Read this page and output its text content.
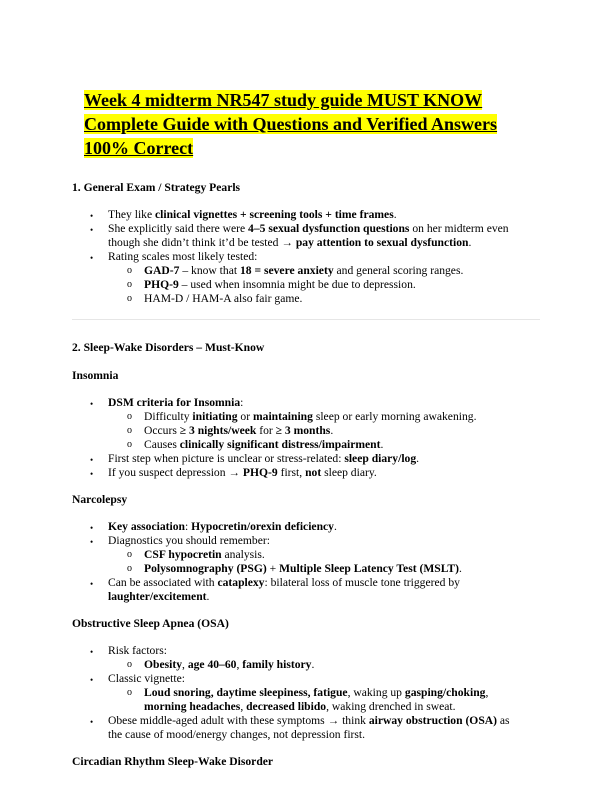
Week 4 midterm NR547 study guide MUST KNOW
Complete Guide with Questions and Verified Answers
100% Correct
1. General Exam / Strategy Pearls
• They like clinical vignettes + screening tools + time frames.
• She explicitly said there were 4–5 sexual dysfunction questions on her midterm even
though she didn’t think it’d be tested → pay attention to sexual dysfunction.
• Rating scales most likely tested:
o GAD-7 – know that 18 = severe anxiety and general scoring ranges.
o PHQ-9 – used when insomnia might be due to depression.
o HAM-D / HAM-A also fair game.
2. Sleep-Wake Disorders – Must-Know
Insomnia
• DSM criteria for Insomnia:
o Difficulty initiating or maintaining sleep or early morning awakening.
o Occurs ≥ 3 nights/week for ≥ 3 months.
o Causes clinically significant distress/impairment.
• First step when picture is unclear or stress-related: sleep diary/log.
• If you suspect depression → PHQ-9 first, not sleep diary.
Narcolepsy
• Key association: Hypocretin/orexin deficiency.
• Diagnostics you should remember:
o CSF hypocretin analysis.
o Polysomnography (PSG) + Multiple Sleep Latency Test (MSLT).
• Can be associated with cataplexy: bilateral loss of muscle tone triggered by
laughter/excitement.
Obstructive Sleep Apnea (OSA)
• Risk factors:
o Obesity, age 40–60, family history.
• Classic vignette:
o Loud snoring, daytime sleepiness, fatigue, waking up gasping/choking,
morning headaches, decreased libido, waking drenched in sweat.
• Obese middle-aged adult with these symptoms → think airway obstruction (OSA) as
the cause of mood/energy changes, not depression first.
Circadian Rhythm Sleep-Wake Disorder
